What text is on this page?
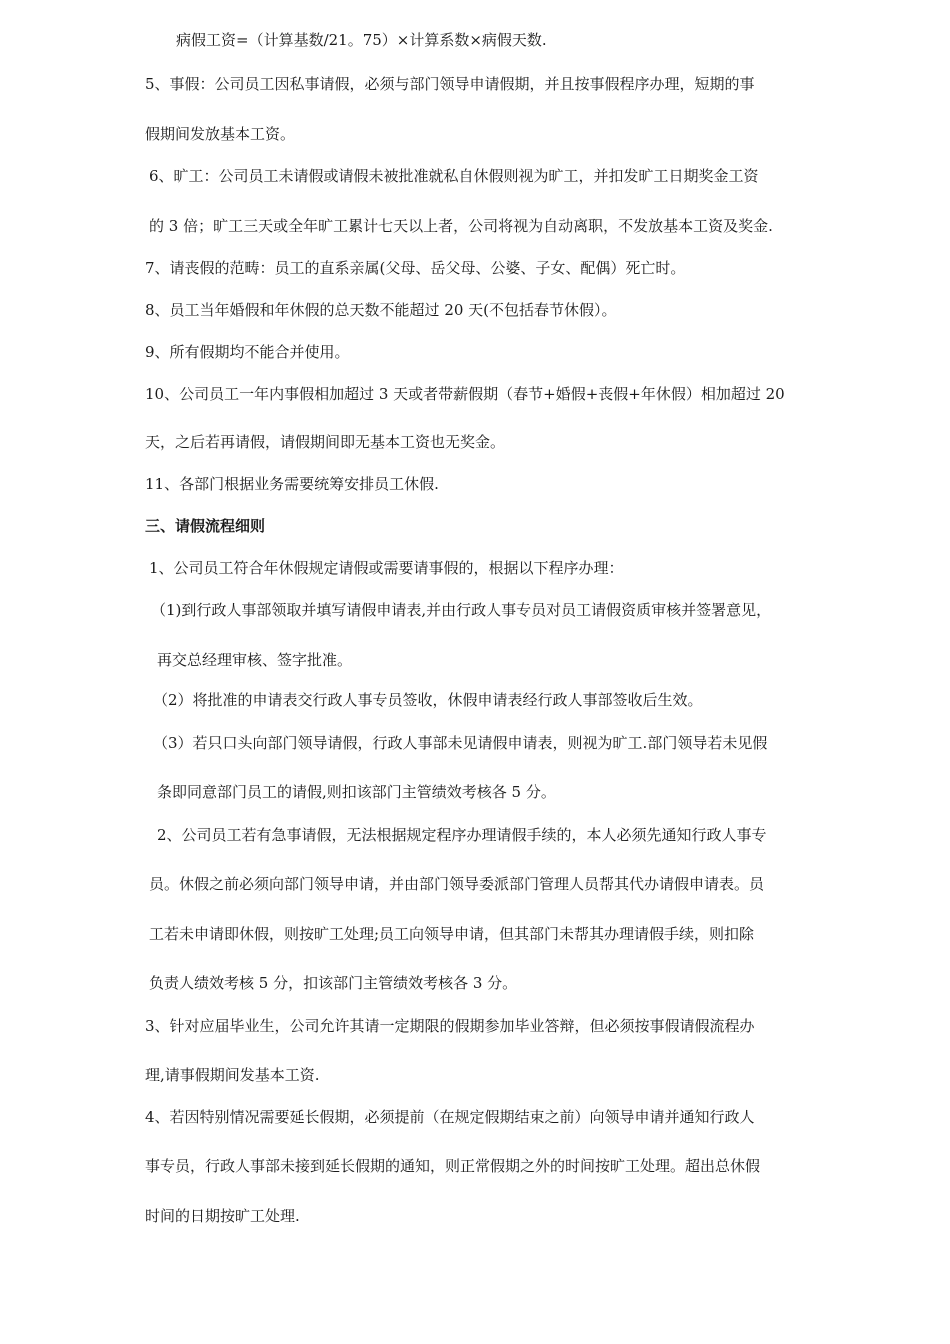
病假工资=（计算基数/21。75）×计算系数×病假天数.

5、事假：公司员工因私事请假，必须与部门领导申请假期，并且按事假程序办理，短期的事

假期间发放基本工资。

6、旷工：公司员工未请假或请假未被批准就私自休假则视为旷工，并扣发旷工日期奖金工资

的 3 倍；旷工三天或全年旷工累计七天以上者，公司将视为自动离职，不发放基本工资及奖金.

7、请丧假的范畴：员工的直系亲属(父母、岳父母、公婆、子女、配偶）死亡时。

8、员工当年婚假和年休假的总天数不能超过 20 天(不包括春节休假）。

9、所有假期均不能合并使用。

10、公司员工一年内事假相加超过 3 天或者带薪假期（春节+婚假+丧假+年休假）相加超过 20

天，之后若再请假，请假期间即无基本工资也无奖金。

11、各部门根据业务需要统筹安排员工休假.

三、请假流程细则

1、公司员工符合年休假规定请假或需要请事假的，根据以下程序办理：

（1)到行政人事部领取并填写请假申请表,并由行政人事专员对员工请假资质审核并签署意见，

再交总经理审核、签字批准。

（2）将批准的申请表交行政人事专员签收，休假申请表经行政人事部签收后生效。

（3）若只口头向部门领导请假，行政人事部未见请假申请表，则视为旷工.部门领导若未见假

条即同意部门员工的请假,则扣该部门主管绩效考核各 5 分。

2、公司员工若有急事请假，无法根据规定程序办理请假手续的，本人必须先通知行政人事专

员。休假之前必须向部门领导申请，并由部门领导委派部门管理人员帮其代办请假申请表。员

工若未申请即休假，则按旷工处理;员工向领导申请，但其部门未帮其办理请假手续，则扣除

负责人绩效考核 5 分，扣该部门主管绩效考核各 3 分。

3、针对应届毕业生，公司允许其请一定期限的假期参加毕业答辩，但必须按事假请假流程办

理,请事假期间发基本工资.

4、若因特别情况需要延长假期，必须提前（在规定假期结束之前）向领导申请并通知行政人

事专员，行政人事部未接到延长假期的通知，则正常假期之外的时间按旷工处理。超出总休假

时间的日期按旷工处理.
